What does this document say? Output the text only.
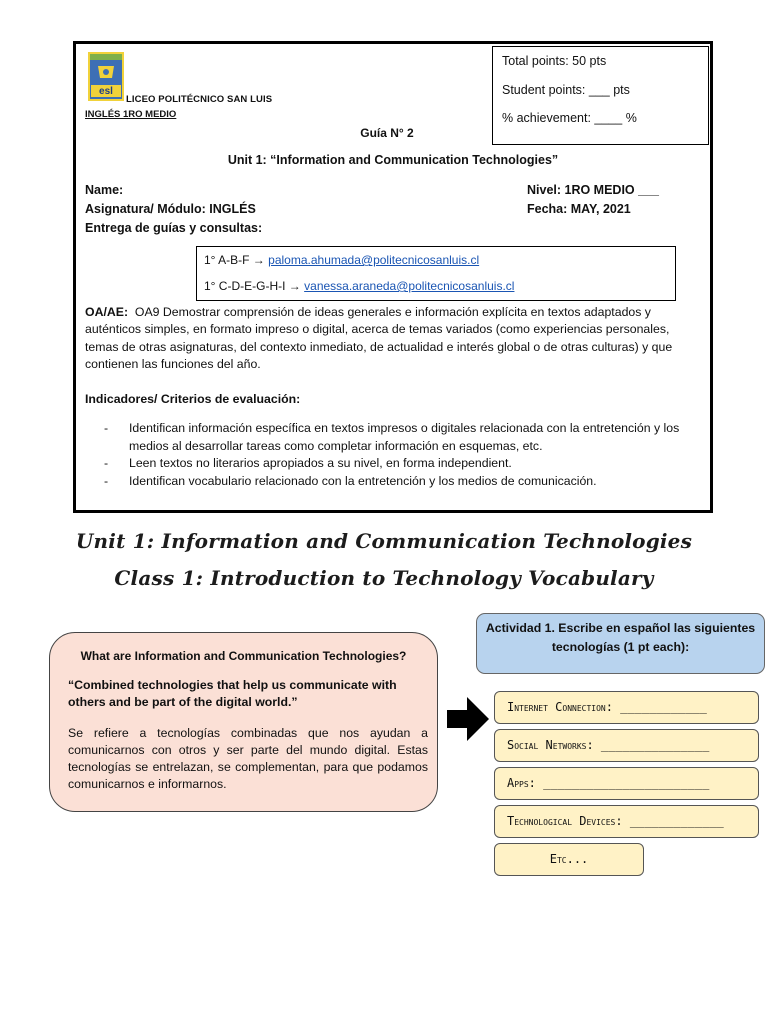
esl
LICEO POLITÉCNICO SAN LUIS
INGLÉS 1RO MEDIO
Total points: 50 pts
Student points: ___ pts
% achievement: ____ %
Guía N° 2
Unit 1: “Information and Communication Technologies”
Name:
Asignatura/ Módulo: INGLÉS
Entrega de guías y consultas:
Nivel: 1RO MEDIO ___
Fecha: MAY, 2021
1° A-B-F → paloma.ahumada@politecnicosanluis.cl
1° C-D-E-G-H-I → vanessa.araneda@politecnicosanluis.cl
OA/AE: OA9 Demostrar comprensión de ideas generales e información explícita en textos adaptados y auténticos simples, en formato impreso o digital, acerca de temas variados (como experiencias personales, temas de otras asignaturas, del contexto inmediato, de actualidad e interés global o de otras culturas) y que contienen las funciones del año.
Indicadores/ Criterios de evaluación:
- Identifican información específica en textos impresos o digitales relacionada con la entretención y los medios al desarrollar tareas como completar información en esquemas, etc.
- Leen textos no literarios apropiados a su nivel, en forma independient.
- Identifican vocabulario relacionado con la entretención y los medios de comunicación.
Unit 1: Information and Communication Technologies
Class 1: Introduction to Technology Vocabulary
What are Information and Communication Technologies?
“Combined technologies that help us communicate with others and be part of the digital world.”
Se refiere a tecnologías combinadas que nos ayudan a comunicarnos con otros y ser parte del mundo digital. Estas tecnologías se entrelazan, se complementan, para que podamos comunicarnos e informarnos.
Actividad 1. Escribe en español las siguientes tecnologías (1 pt each):
Internet Connection: ____________
Social Networks: _______________
Apps: _______________________
Technological Devices: _____________
Etc...
